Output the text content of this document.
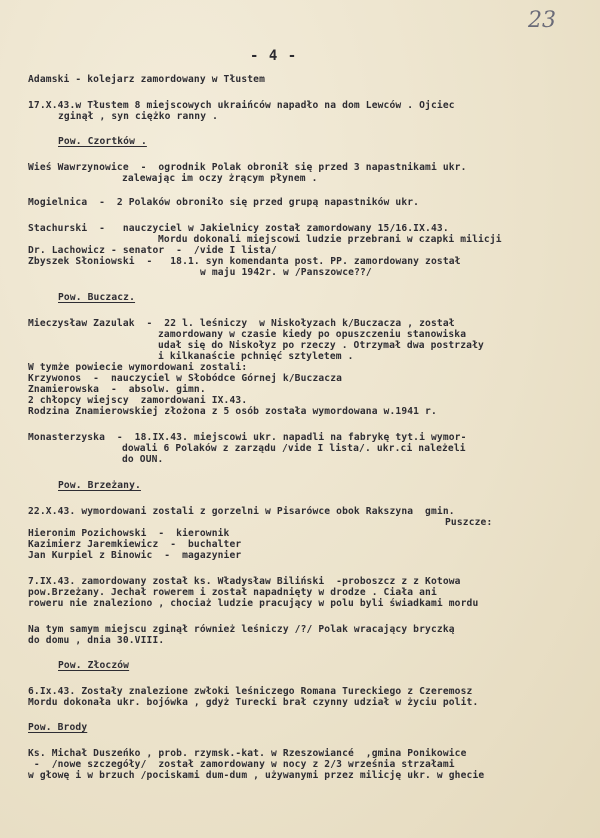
23
- 4 -
Adamski - kolejarz zamordowany w Tłustem
17.X.43.w Tłustem 8 miejscowych ukraińców napadło na dom Lewców . Ojciec
zginął , syn ciężko ranny .
Pow. Czortków .
Wieś Wawrzynowice  -  ogrodnik Polak obronił się przed 3 napastnikami ukr.
zalewając im oczy żrącym płynem .
Mogielnica  -  2 Polaków obroniło się przed grupą napastników ukr.
Stachurski  -   nauczyciel w Jakielnicy został zamordowany 15/16.IX.43.
Mordu dokonali miejscowi ludzie przebrani w czapki milicji
Dr. Lachowicz - senator  -  /vide I lista/
Zbyszek Słoniowski  -   18.1. syn komendanta post. PP. zamordowany został
w maju 1942r. w /Panszowce??/
Pow. Buczacz.
Mieczysław Zazulak  -  22 l. leśniczy  w Niskołyzach k/Buczacza , został
zamordowany w czasie kiedy po opuszczeniu stanowiska
udał się do Niskołyz po rzeczy . Otrzymał dwa postrzały
i kilkanaście pchnięć sztyletem .
W tymże powiecie wymordowani zostali:
Krzywonos  -  nauczyciel w Słobódce Górnej k/Buczacza
Znamierowska  -  absolw. gimn.
2 chłopcy wiejscy  zamordowani IX.43.
Rodzina Znamierowskiej złożona z 5 osób została wymordowana w.1941 r.
Monasterzyska  -  18.IX.43. miejscowi ukr. napadli na fabrykę tyt.i wymor-
dowali 6 Polaków z zarządu /vide I lista/. ukr.ci należeli
do OUN.
Pow. Brzeżany.
22.X.43. wymordowani zostali z gorzelni w Pisarówce obok Rakszyna  gmin.
Puszcze:
Hieronim Pozichowski  -  kierownik
Kazimierz Jaremkiewicz  -  buchalter
Jan Kurpiel z Binowic  -  magazynier
7.IX.43. zamordowany został ks. Władysław Biliński  -proboszcz z z Kotowa
pow.Brzeżany. Jechał rowerem i został napadnięty w drodze . Ciała ani
roweru nie znaleziono , chociaż ludzie pracujący w polu byli świadkami mordu
Na tym samym miejscu zginął również leśniczy /?/ Polak wracający bryczką
do domu , dnia 30.VIII.
Pow. Złoczów
6.Ix.43. Zostały znalezione zwłoki leśniczego Romana Tureckiego z Czeremosz
Mordu dokonała ukr. bojówka , gdyż Turecki brał czynny udział w życiu polit.
Pow. Brody
Ks. Michał Duszeńko , prob. rzymsk.-kat. w Rzeszowiancé  ,gmina Ponikowice
-  /nowe szczegóły/  został zamordowany w nocy z 2/3 września strzałami
w głowę i w brzuch /pociskami dum-dum , używanymi przez milicję ukr. w ghecie
